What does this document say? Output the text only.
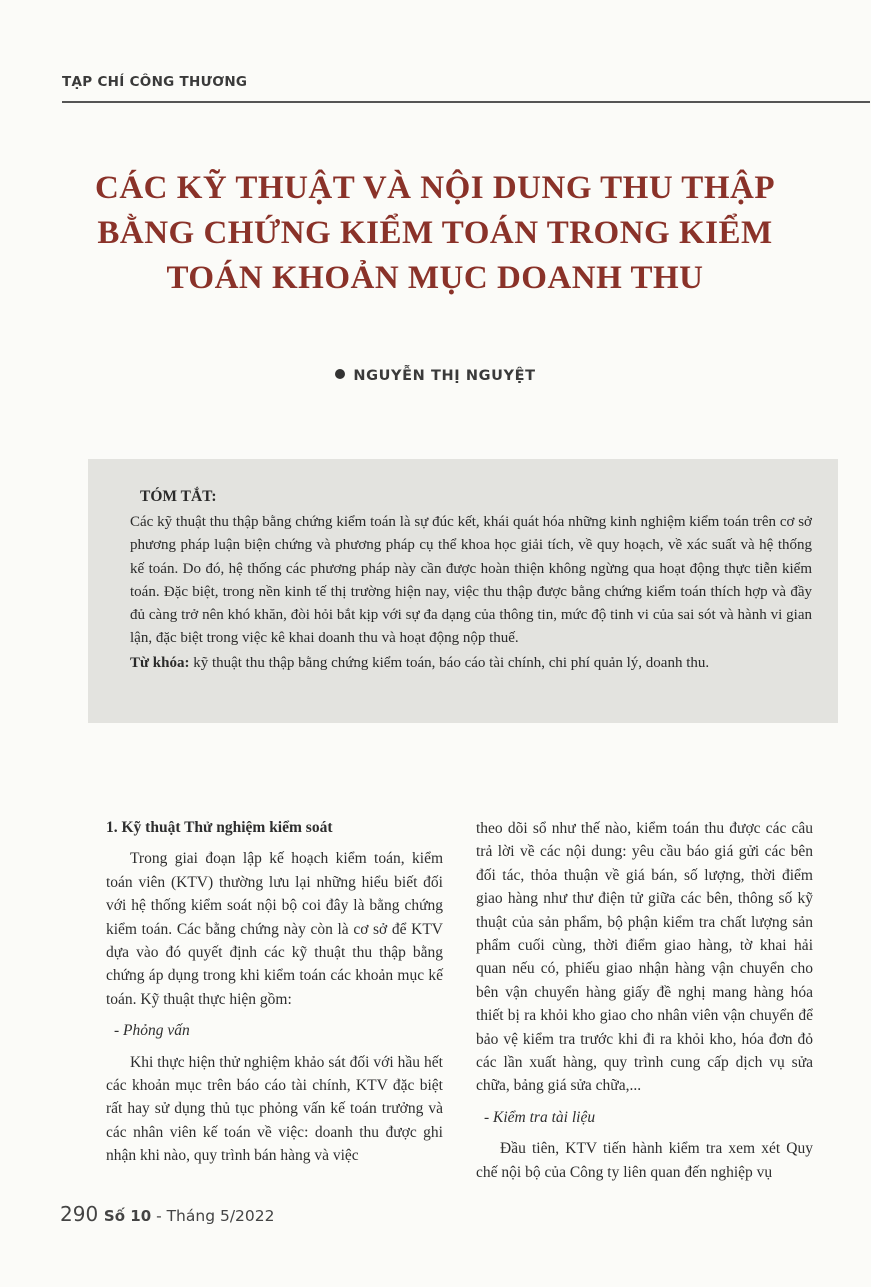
TẠP CHÍ CÔNG THƯƠNG
CÁC KỸ THUẬT VÀ NỘI DUNG THU THẬP BẰNG CHỨNG KIỂM TOÁN TRONG KIỂM TOÁN KHOẢN MỤC DOANH THU
NGUYỄN THỊ NGUYỆT
TÓM TẮT:
Các kỹ thuật thu thập bằng chứng kiểm toán là sự đúc kết, khái quát hóa những kinh nghiệm kiểm toán trên cơ sở phương pháp luận biện chứng và phương pháp cụ thể khoa học giải tích, về quy hoạch, về xác suất và hệ thống kế toán. Do đó, hệ thống các phương pháp này cần được hoàn thiện không ngừng qua hoạt động thực tiễn kiểm toán. Đặc biệt, trong nền kinh tế thị trường hiện nay, việc thu thập được bằng chứng kiểm toán thích hợp và đầy đủ càng trở nên khó khăn, đòi hỏi bắt kịp với sự đa dạng của thông tin, mức độ tinh vi của sai sót và hành vi gian lận, đặc biệt trong việc kê khai doanh thu và hoạt động nộp thuế.
Từ khóa: kỹ thuật thu thập bằng chứng kiểm toán, báo cáo tài chính, chi phí quản lý, doanh thu.

1. Kỹ thuật Thử nghiệm kiểm soát

Trong giai đoạn lập kế hoạch kiểm toán, kiểm toán viên (KTV) thường lưu lại những hiểu biết đối với hệ thống kiểm soát nội bộ coi đây là bằng chứng kiểm toán. Các bằng chứng này còn là cơ sở để KTV dựa vào đó quyết định các kỹ thuật thu thập bằng chứng áp dụng trong khi kiểm toán các khoản mục kế toán. Kỹ thuật thực hiện gồm:

- Phỏng vấn

Khi thực hiện thử nghiệm khảo sát đối với hầu hết các khoản mục trên báo cáo tài chính, KTV đặc biệt rất hay sử dụng thủ tục phỏng vấn kế toán trưởng và các nhân viên kế toán về việc: doanh thu được ghi nhận khi nào, quy trình bán hàng và việc

theo dõi sổ như thế nào, kiểm toán thu được các câu trả lời về các nội dung: yêu cầu báo giá gửi các bên đối tác, thỏa thuận về giá bán, số lượng, thời điểm giao hàng như thư điện tử giữa các bên, thông số kỹ thuật của sản phẩm, bộ phận kiểm tra chất lượng sản phẩm cuối cùng, thời điểm giao hàng, tờ khai hải quan nếu có, phiếu giao nhận hàng vận chuyển cho bên vận chuyển hàng giấy đề nghị mang hàng hóa thiết bị ra khỏi kho giao cho nhân viên vận chuyển để bảo vệ kiểm tra trước khi đi ra khỏi kho, hóa đơn đỏ các lần xuất hàng, quy trình cung cấp dịch vụ sửa chữa, bảng giá sửa chữa,...

- Kiểm tra tài liệu

Đầu tiên, KTV tiến hành kiểm tra xem xét Quy chế nội bộ của Công ty liên quan đến nghiệp vụ

290 Số 10 - Tháng 5/2022
